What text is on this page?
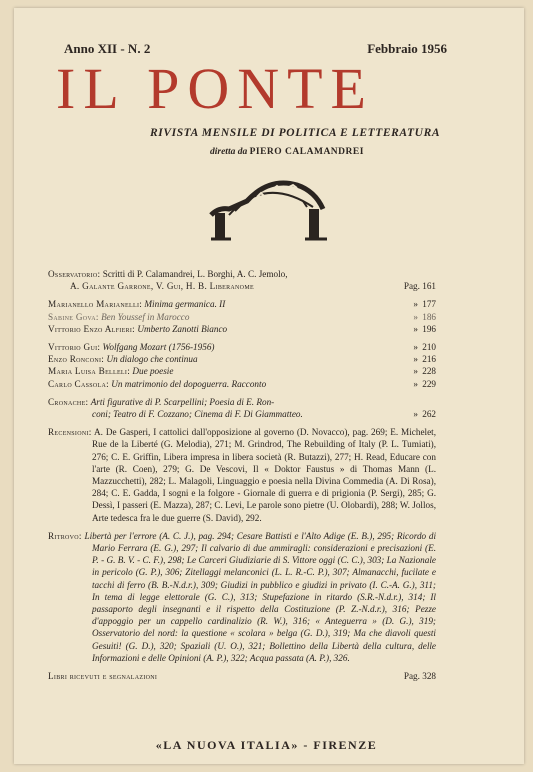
Anno XII - N. 2	Febbraio 1956
IL PONTE
RIVISTA MENSILE DI POLITICA E LETTERATURA
diretta da PIERO CALAMANDREI
Osservatorio: Scritti di P. Calamandrei, L. Borghi, A. C. Jemolo,
A. Galante Garrone, V. Gui, H. B. Liberanome	Pag. 161
Marianello Marianelli: Minima germanica. II	» 177
Sabine Gova: Ben Youssef in Marocco	» 186
Vittorio Enzo Alfieri: Umberto Zanotti Bianco	» 196
Vittorio Gui: Wolfgang Mozart (1756-1956)	» 210
Enzo Ronconi: Un dialogo che continua	» 216
Maria Luisa Belleli: Due poesie	» 228
Carlo Cassola: Un matrimonio del dopoguerra. Racconto	» 229
Cronache: Arti figurative di P. Scarpellini; Poesia di E. Ron-
coni; Teatro di F. Cozzano; Cinema di F. Di Giammatteo.	» 262
Recensioni: A. De Gasperi, I cattolici dall'opposizione al governo (D. Novacco), pag. 269; E. Michelet, Rue de la Liberté (G. Melodia), 271; M. Grindrod, The Rebuilding of Italy (P. L. Tumiati), 276; C. E. Griffin, Libera impresa in libera società (R. Butazzi), 277; H. Read, Educare con l'arte (R. Coen), 279; G. De Vescovi, Il « Doktor Faustus » di Thomas Mann (L. Mazzucchetti), 282; L. Malagoli, Linguaggio e poesia nella Divina Commedia (A. Di Rosa), 284; C. E. Gadda, I sogni e la folgore - Giornale di guerra e di prigionia (P. Sergi), 285; G. Dessì, I passeri (E. Mazza), 287; C. Levi, Le parole sono pietre (U. Olobardi), 288; W. Jollos, Arte tedesca fra le due guerre (S. David), 292.
Ritrovo: Libertà per l'errore (A. C. J.), pag. 294; Cesare Battisti e l'Alto Adige (E. B.), 295; Ricordo di Mario Ferrara (E. G.), 297; Il calvario di due ammiragli: considerazioni e precisazioni (E. P. - G. B. V. - C. F.), 298; Le Carceri Giudiziarie di S. Vittore oggi (C. C.), 303; La Nazionale in pericolo (G. P.), 306; Zitellaggi melanconici (L. L. R.-C. P.), 307; Almanacchi, fucilate e tacchi di ferro (B. B.-N.d.r.), 309; Giudizi in pubblico e giudizi in privato (I. C.-A. G.), 311; In tema di legge elettorale (G. C.), 313; Stupefazione in ritardo (S.R.-N.d.r.), 314; Il passaporto degli insegnanti e il rispetto della Costituzione (P. Z.-N.d.r.), 316; Pezze d'appoggio per un cappello cardinalizio (R. W.), 316; « Anteguerra » (D. G.), 319; Osservatorio del nord: la questione « scolara » belga (G. D.), 319; Ma che diavoli questi Gesuiti! (G. D.), 320; Spaziali (U. O.), 321; Bollettino della Libertà della cultura, delle Informazioni e delle Opinioni (A. P.), 322; Acqua passata (A. P.), 326.
Libri ricevuti e segnalazioni	Pag. 328
«LA NUOVA ITALIA» - FIRENZE
